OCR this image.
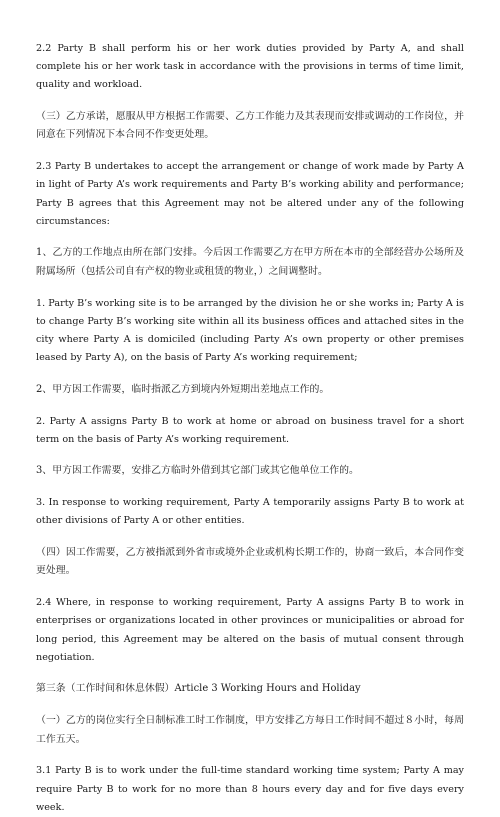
2.2 Party B shall perform his or her work duties provided by Party A, and shall complete his or her work task in accordance with the provisions in terms of time limit, quality and workload.

（三）乙方承诺，愿服从甲方根据工作需要、乙方工作能力及其表现而安排或调动的工作岗位，并同意在下列情况下本合同不作变更处理。

2.3 Party B undertakes to accept the arrangement or change of work made by Party A in light of Party A’s work requirements and Party B’s working ability and performance; Party B agrees that this Agreement may not be altered under any of the following circumstances:

1、乙方的工作地点由所在部门安排。今后因工作需要乙方在甲方所在本市的全部经营办公场所及附属场所（包括公司自有产权的物业或租赁的物业，）之间调整时。

1. Party B’s working site is to be arranged by the division he or she works in; Party A is to change Party B’s working site within all its business offices and attached sites in the city where Party A is domiciled (including Party A’s own property or other premises leased by Party A), on the basis of Party A’s working requirement;

2、甲方因工作需要，临时指派乙方到境内外短期出差地点工作的。

2. Party A assigns Party B to work at home or abroad on business travel for a short term on the basis of Party A’s working requirement.

3、甲方因工作需要，安排乙方临时外借到其它部门或其它他单位工作的。

3. In response to working requirement, Party A temporarily assigns Party B to work at other divisions of Party A or other entities.

（四）因工作需要，乙方被指派到外省市或境外企业或机构长期工作的，协商一致后，本合同作变更处理。

2.4 Where, in response to working requirement, Party A assigns Party B to work in enterprises or organizations located in other provinces or municipalities or abroad for long period, this Agreement may be altered on the basis of mutual consent through negotiation.

第三条（工作时间和休息休假）Article 3 Working Hours and Holiday

（一）乙方的岗位实行全日制标准工时工作制度，甲方安排乙方每日工作时间不超过８小时，每周工作五天。

3.1 Party B is to work under the full-time standard working time system; Party A may require Party B to work for no more than 8 hours every day and for five days every week.
